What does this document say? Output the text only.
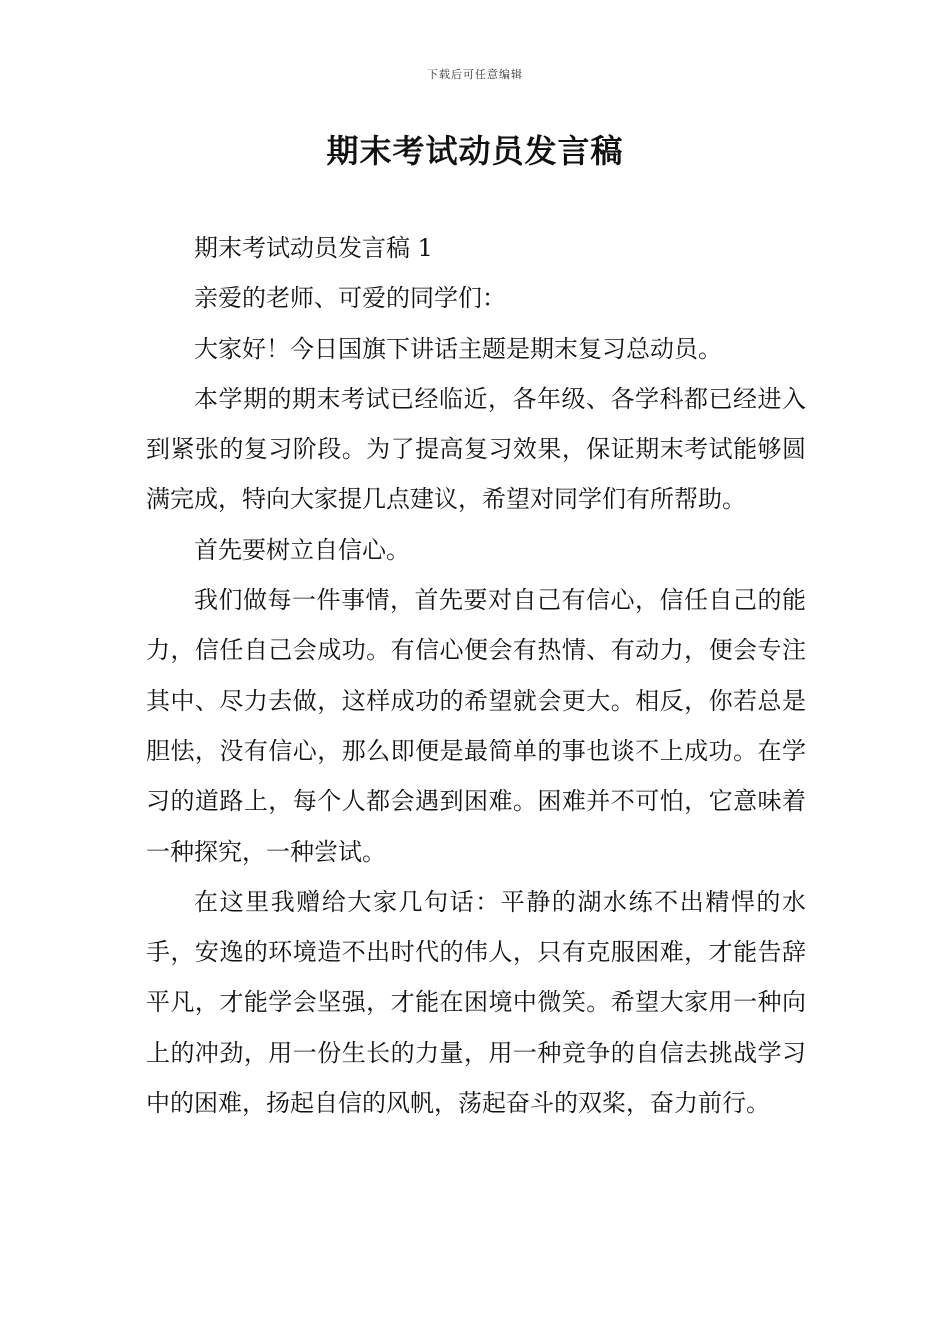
下载后可任意编辑
期末考试动员发言稿

期末考试动员发言稿 1

亲爱的老师、可爱的同学们：

大家好！今日国旗下讲话主题是期末复习总动员。

本学期的期末考试已经临近，各年级、各学科都已经进入到紧张的复习阶段。为了提高复习效果，保证期末考试能够圆满完成，特向大家提几点建议，希望对同学们有所帮助。

首先要树立自信心。

我们做每一件事情，首先要对自己有信心，信任自己的能力，信任自己会成功。有信心便会有热情、有动力，便会专注其中、尽力去做，这样成功的希望就会更大。相反，你若总是胆怯，没有信心，那么即便是最简单的事也谈不上成功。在学习的道路上，每个人都会遇到困难。困难并不可怕，它意味着一种探究，一种尝试。

在这里我赠给大家几句话：平静的湖水练不出精悍的水手，安逸的环境造不出时代的伟人，只有克服困难，才能告辞平凡，才能学会坚强，才能在困境中微笑。希望大家用一种向上的冲劲，用一份生长的力量，用一种竞争的自信去挑战学习中的困难，扬起自信的风帆，荡起奋斗的双桨，奋力前行。
